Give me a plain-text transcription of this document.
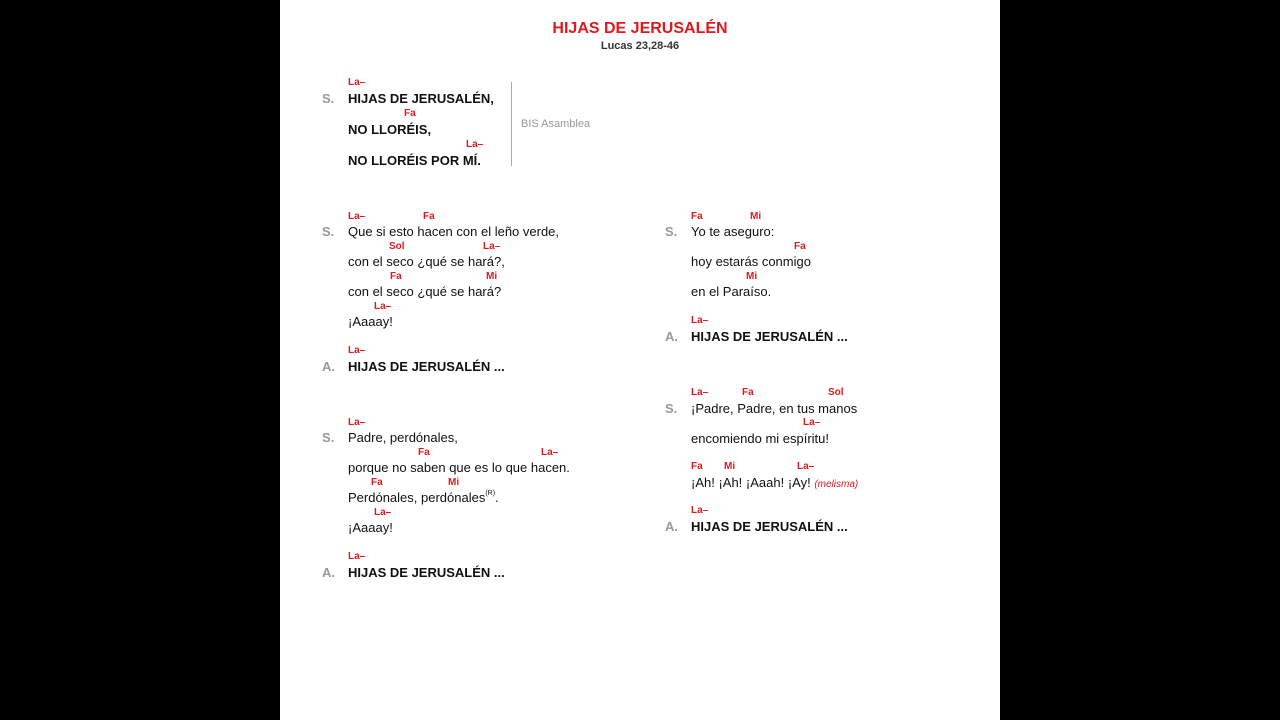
HIJAS DE JERUSALÉN
Lucas 23,28-46
La–
S. HIJAS DE JERUSALÉN,
Fa
NO LLORÉIS,
La–
NO LLORÉIS POR MÍ.
BIS Asamblea
La–	Fa
S. Que si esto hacen con el leño verde,
Sol	La–
con el seco ¿qué se hará?,
Fa	Mi
con el seco ¿qué se hará?
La–
¡Aaaay!
La–
A. HIJAS DE JERUSALÉN ...
La–
S. Padre, perdónales,
Fa	La–
porque no saben que es lo que hacen.
Fa	Mi
Perdónales, perdónales$^{(R)}$.
La–
¡Aaaay!
La–
A. HIJAS DE JERUSALÉN ...
Fa	Mi
S. Yo te aseguro:
Fa
hoy estarás conmigo
Mi
en el Paraíso.
La–
A. HIJAS DE JERUSALÉN ...
La–	Fa	Sol
S. ¡Padre, Padre, en tus manos
La–
encomiendo mi espíritu!
Fa Mi	La–
¡Ah! ¡Ah! ¡Aaah! ¡Ay! (melisma)
La–
A. HIJAS DE JERUSALÉN ...
